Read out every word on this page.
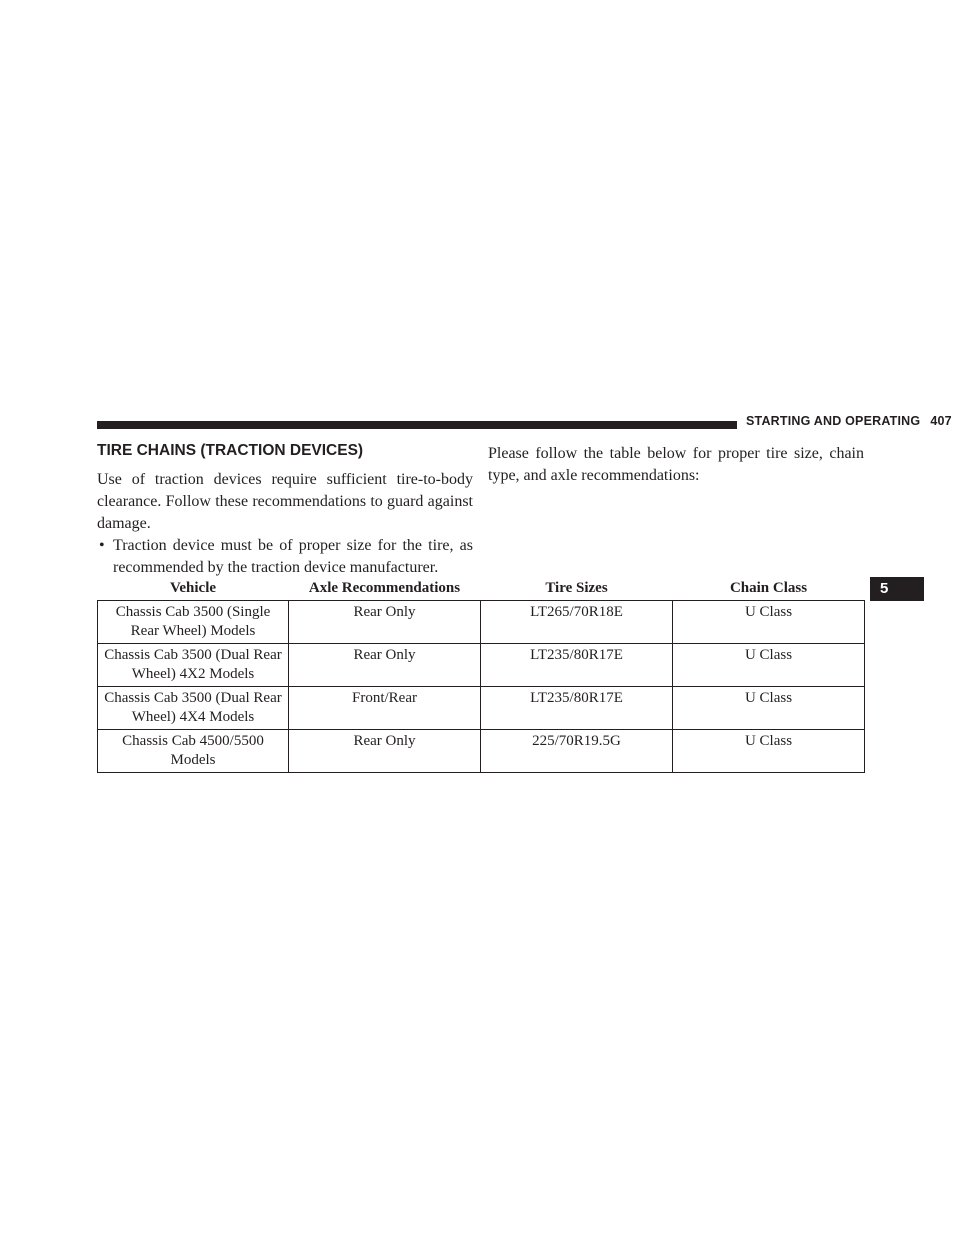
STARTING AND OPERATING 407
TIRE CHAINS (TRACTION DEVICES)

Use of traction devices require sufficient tire-to-body clearance. Follow these recommendations to guard against damage.

• Traction device must be of proper size for the tire, as recommended by the traction device manufacturer.

Please follow the table below for proper tire size, chain type, and axle recommendations:

Vehicle	Axle Recommendations	Tire Sizes	Chain Class
Chassis Cab 3500 (Single Rear Wheel) Models	Rear Only	LT265/70R18E	U Class
Chassis Cab 3500 (Dual Rear Wheel) 4X2 Models	Rear Only	LT235/80R17E	U Class
Chassis Cab 3500 (Dual Rear Wheel) 4X4 Models	Front/Rear	LT235/80R17E	U Class
Chassis Cab 4500/5500 Models	Rear Only	225/70R19.5G	U Class
5
